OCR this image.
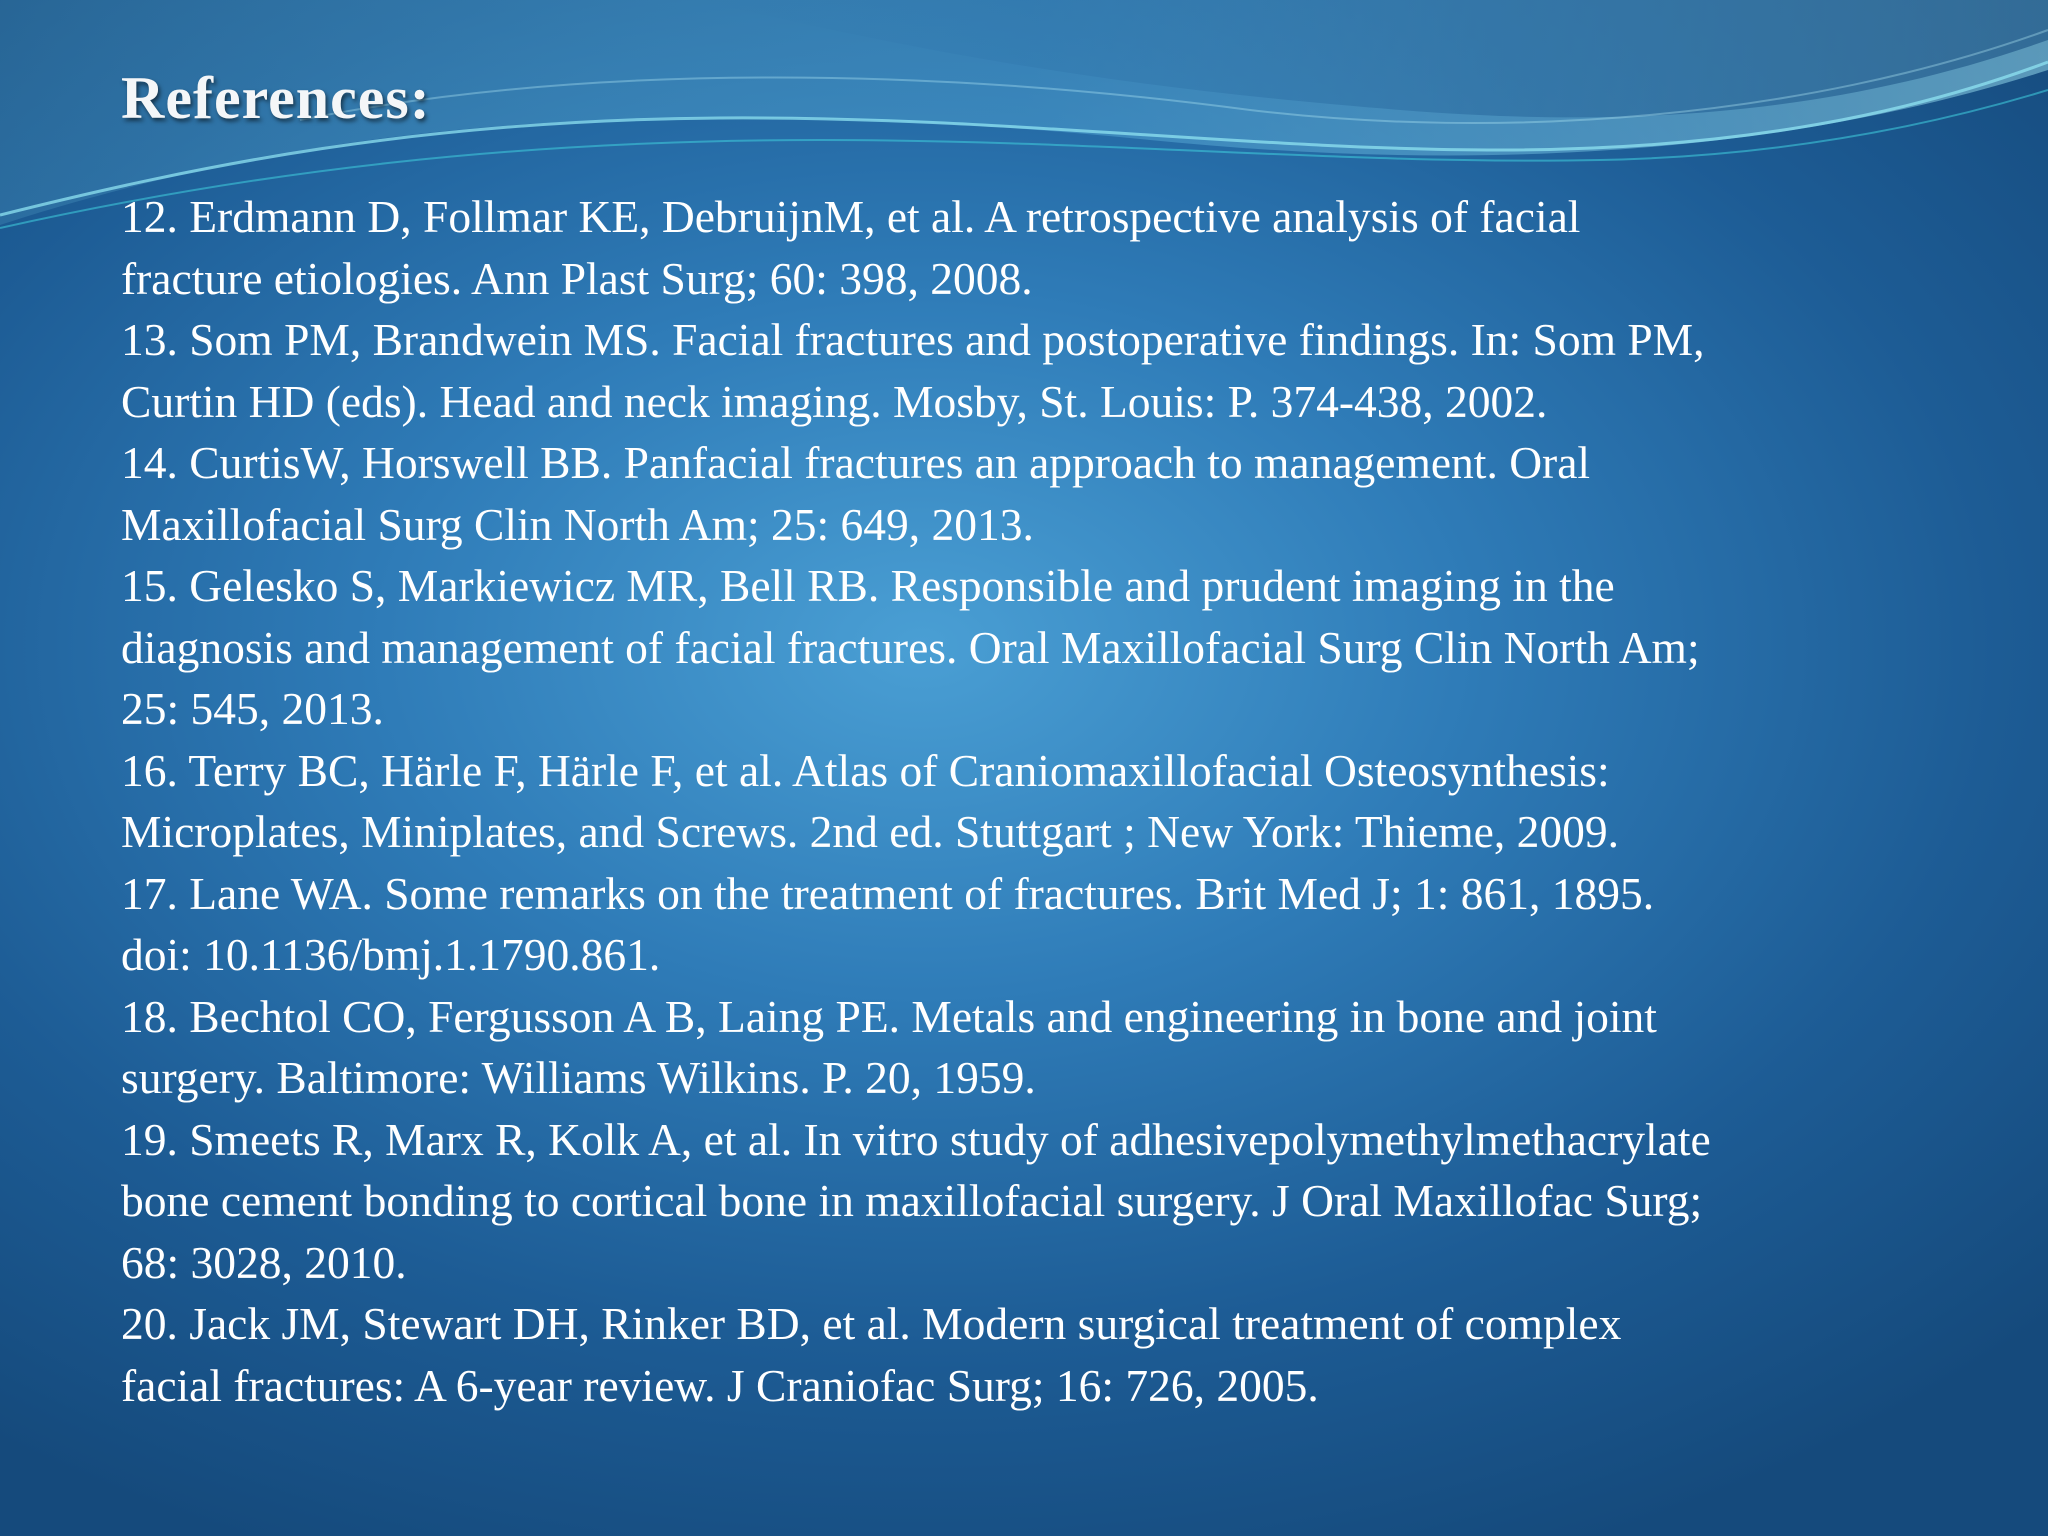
References:
12. Erdmann D, Follmar KE, DebruijnM, et al. A retrospective analysis of facial
fracture etiologies. Ann Plast Surg; 60: 398, 2008.
13. Som PM, Brandwein MS. Facial fractures and postoperative findings. In: Som PM,
Curtin HD (eds). Head and neck imaging. Mosby, St. Louis: P. 374-438, 2002.
14. CurtisW, Horswell BB. Panfacial fractures an approach to management. Oral
Maxillofacial Surg Clin North Am; 25: 649, 2013.
15. Gelesko S, Markiewicz MR, Bell RB. Responsible and prudent imaging in the
diagnosis and management of facial fractures. Oral Maxillofacial Surg Clin North Am;
25: 545, 2013.
16. Terry BC, Härle F, Härle F, et al. Atlas of Craniomaxillofacial Osteosynthesis:
Microplates, Miniplates, and Screws. 2nd ed. Stuttgart ; New York: Thieme, 2009.
17. Lane WA. Some remarks on the treatment of fractures. Brit Med J; 1: 861, 1895.
doi: 10.1136/bmj.1.1790.861.
18. Bechtol CO, Fergusson A B, Laing PE. Metals and engineering in bone and joint
surgery. Baltimore: Williams Wilkins. P. 20, 1959.
19. Smeets R, Marx R, Kolk A, et al. In vitro study of adhesivepolymethylmethacrylate
bone cement bonding to cortical bone in maxillofacial surgery. J Oral Maxillofac Surg;
68: 3028, 2010.
20. Jack JM, Stewart DH, Rinker BD, et al. Modern surgical treatment of complex
facial fractures: A 6-year review. J Craniofac Surg; 16: 726, 2005.
